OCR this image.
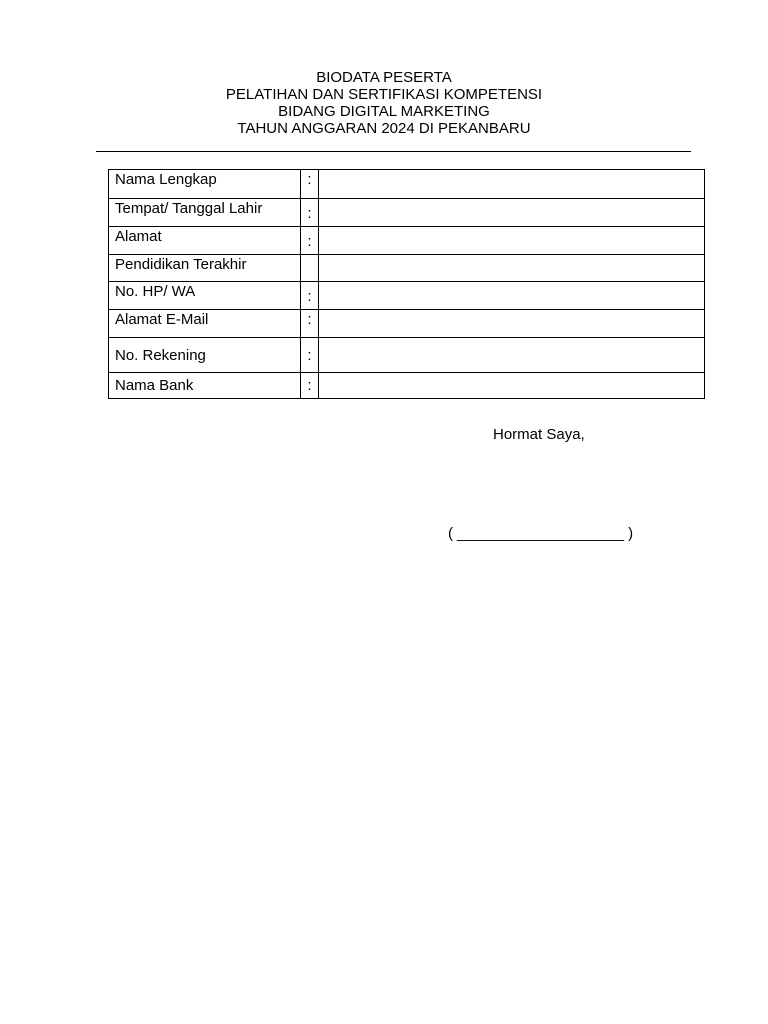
BIODATA PESERTA
PELATIHAN DAN SERTIFIKASI KOMPETENSI
BIDANG DIGITAL MARKETING
TAHUN ANGGARAN 2024 DI PEKANBARU
Nama Lengkap	:	
Tempat/ Tanggal Lahir	:	
Alamat	:	
Pendidikan Terakhir		
No. HP/ WA	:	
Alamat E-Mail	:	
No. Rekening	:	
Nama Bank	:	
Hormat Saya,
( ____________________ )
